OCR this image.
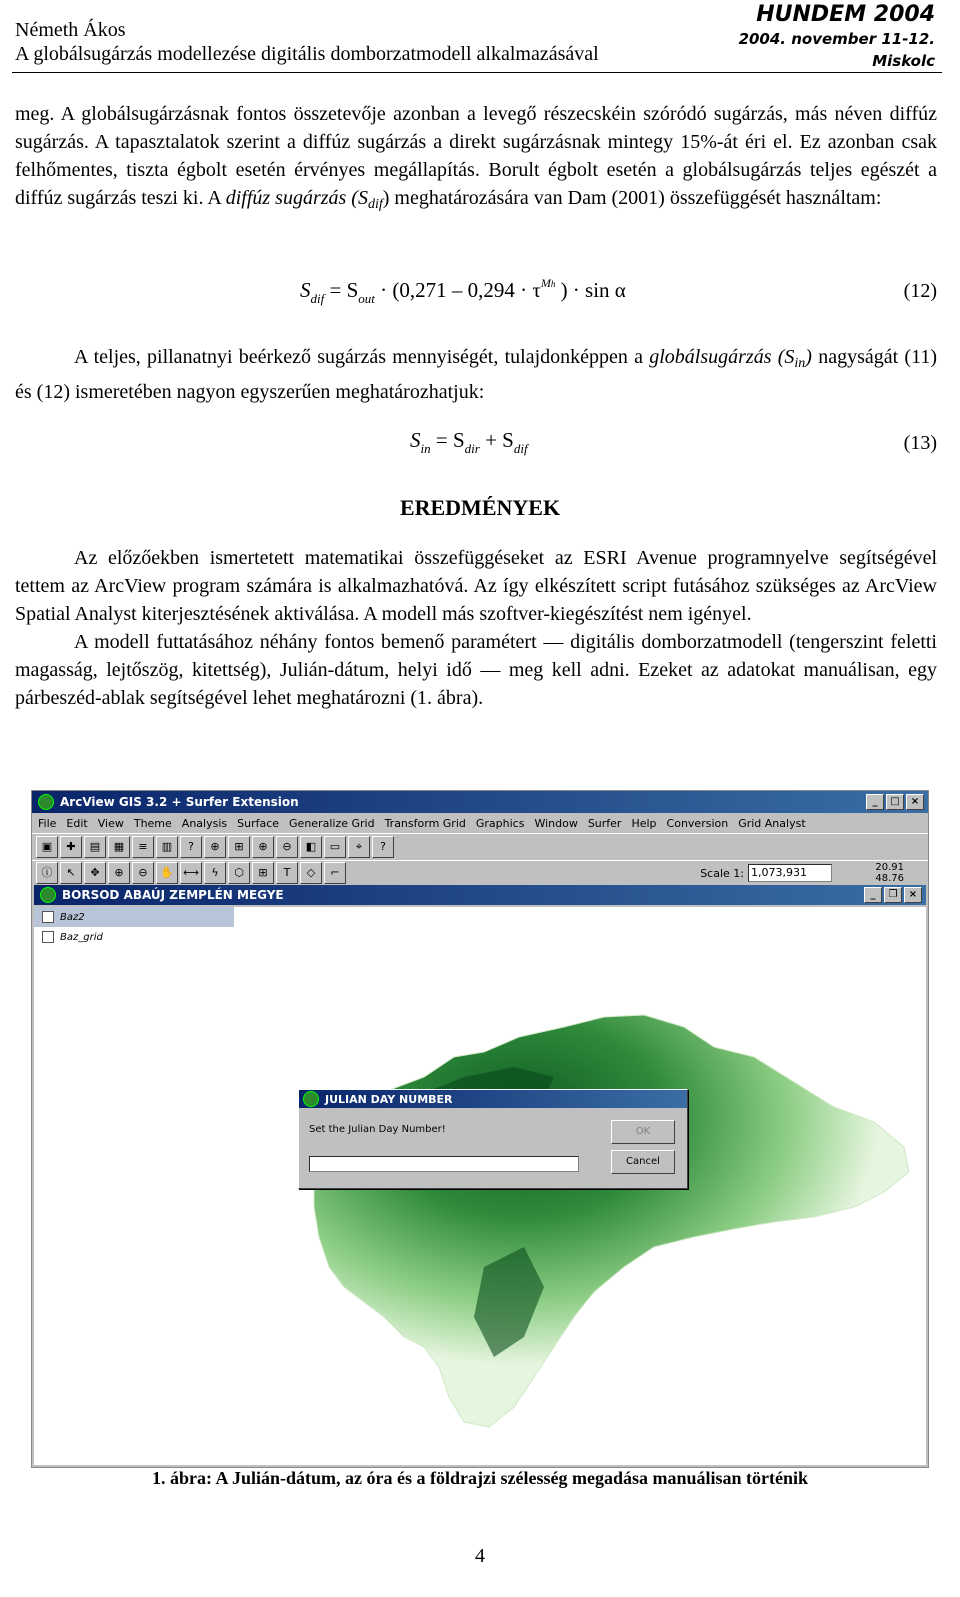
Németh Ákos
A globálsugárzás modellezése digitális domborzatmodell alkalmazásával
HUNDEM 2004
2004. november 11-12.
Miskolc

meg. A globálsugárzásnak fontos összetevője azonban a levegő részecskéin szóródó sugárzás, más néven diffúz sugárzás. A tapasztalatok szerint a diffúz sugárzás a direkt sugárzásnak mintegy 15%-át éri el. Ez azonban csak felhőmentes, tiszta égbolt esetén érvényes megállapítás. Borult égbolt esetén a globálsugárzás teljes egészét a diffúz sugárzás teszi ki. A diffúz sugárzás $(S_{dif})$ meghatározására van Dam (2001) összefüggését használtam:

$S_{dif} = S_{out} \cdot (0,271 - 0,294 \cdot \tau^{Mh}$ ) · sin α	(12)

A teljes, pillanatnyi beérkező sugárzás mennyiségét, tulajdonképpen a globálsugárzás $(S_{in})$ nagyságát (11) és (12) ismeretében nagyon egyszerűen meghatározhatjuk:

$S_{in} = S_{dir} + S_{dif}$	(13)
EREDMÉNYEK

Az előzőekben ismertetett matematikai összefüggéseket az ESRI Avenue programnyelve segítségével tettem az ArcView program számára is alkalmazhatóvá. Az így elkészített script futásához szükséges az ArcView Spatial Analyst kiterjesztésének aktiválása. A modell más szoftver-kiegészítést nem igényel.

A modell futtatásához néhány fontos bemenő paramétert — digitális domborzatmodell (tengerszint feletti magasság, lejtőszög, kitettség), Julián-dátum, helyi idő — meg kell adni. Ezeket az adatokat manuálisan, egy párbeszéd-ablak segítségével lehet meghatározni (1. ábra).

ArcView GIS 3.2 + Surfer Extension	_	□	×
File Edit View Theme Analysis Surface Generalize Grid Transform Grid Graphics Window Surfer Help Conversion Grid Analyst
▣	✚	▤	▦	≡	▥	?	⊕	⊞	⊕	⊖	◧	▭	⌖	?
ⓘ	↖	✥	⊕	⊖	✋ ⟷	ϟ	⬡	⊞	T	◇	⌐	Scale 1: 1,073,931	20.91
48.76
BORSOD ABAÚJ ZEMPLÉN MEGYE	_	❐	×
Baz2
Baz_grid
JULIAN DAY NUMBER
Set the Julian Day Number!	OK
Cancel
1. ábra: A Julián-dátum, az óra és a földrajzi szélesség megadása manuálisan történik
4
